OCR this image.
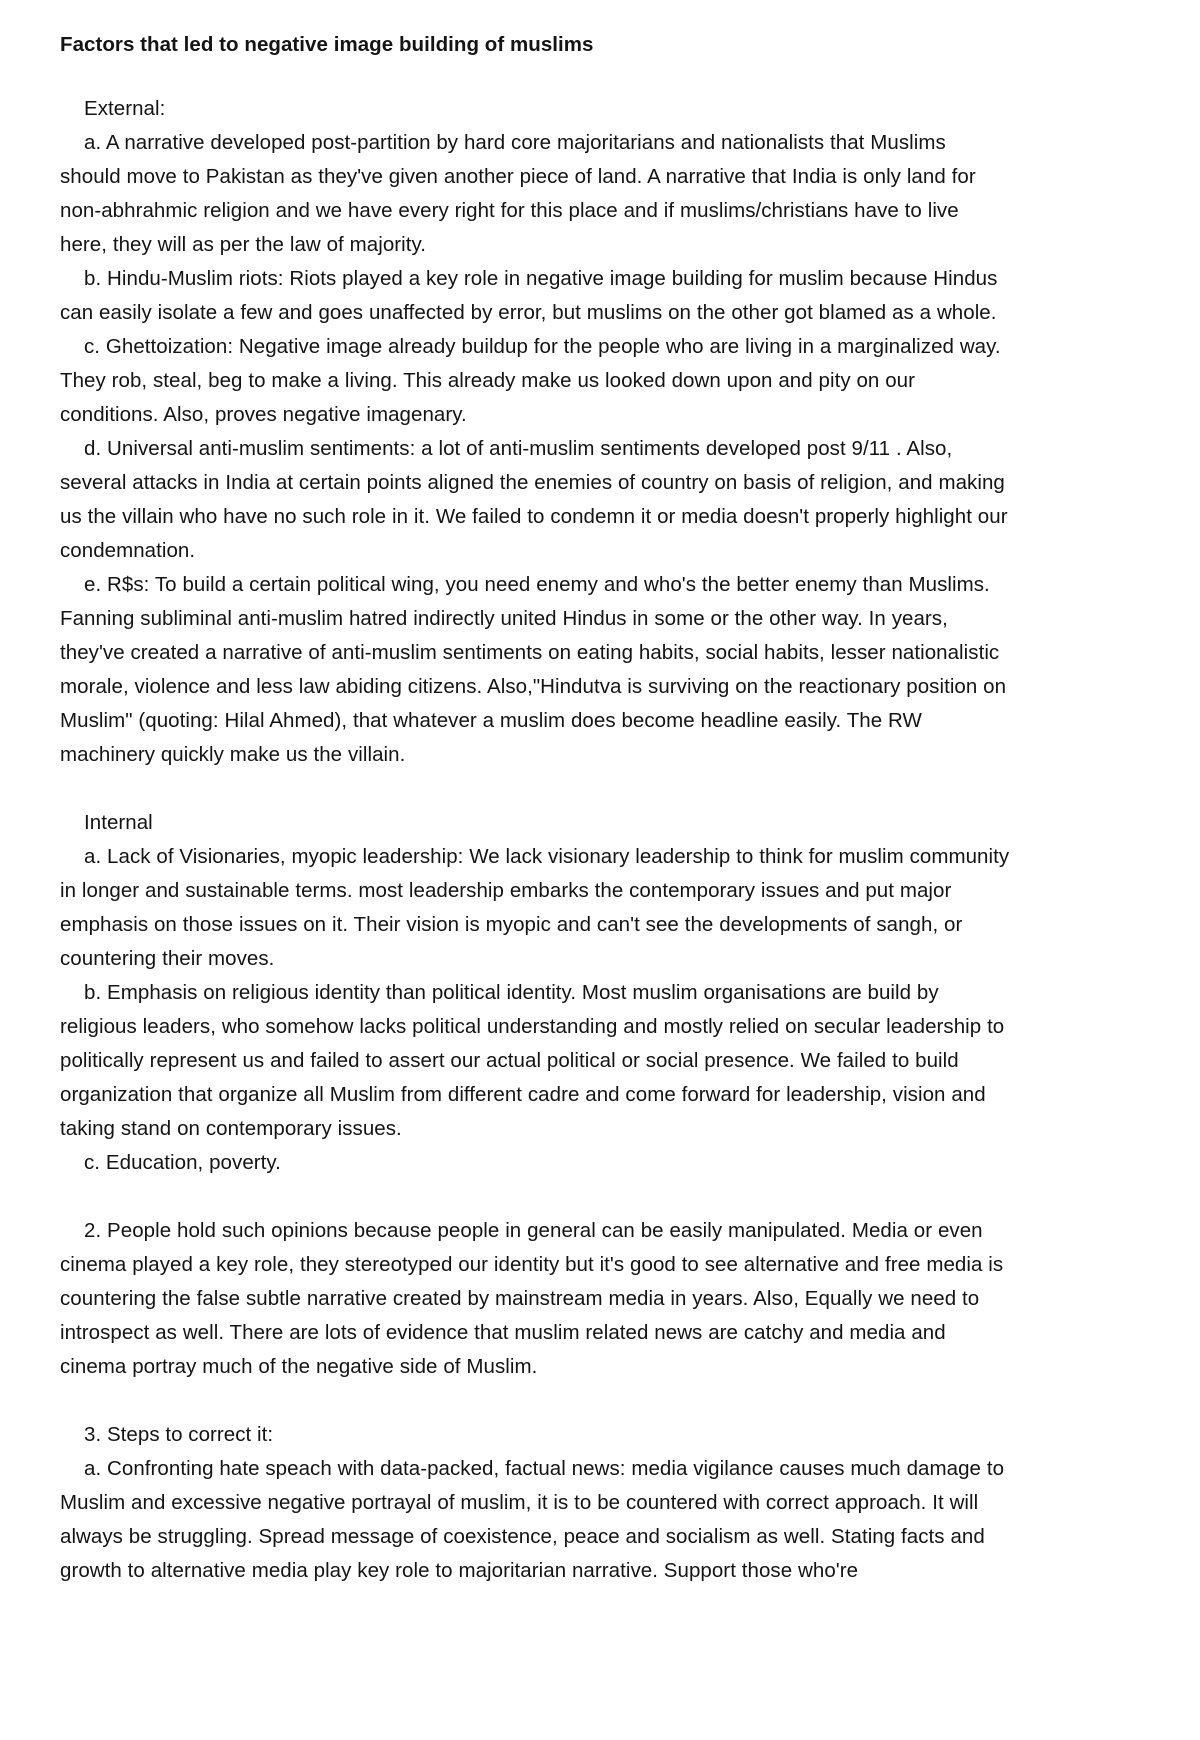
Factors that led to negative image building of muslims

External:

a. A narrative developed post-partition by hard core majoritarians and nationalists that Muslims should move to Pakistan as they've given another piece of land. A narrative that India is only land for non-abhrahmic religion and we have every right for this place and if muslims/christians have to live here, they will as per the law of majority.

b. Hindu-Muslim riots: Riots played a key role in negative image building for muslim because Hindus can easily isolate a few and goes unaffected by error, but muslims on the other got blamed as a whole.

c. Ghettoization: Negative image already buildup for the people who are living in a marginalized way. They rob, steal, beg to make a living. This already make us looked down upon and pity on our conditions. Also, proves negative imagenary.

d. Universal anti-muslim sentiments: a lot of anti-muslim sentiments developed post 9/11 . Also, several attacks in India at certain points aligned the enemies of country on basis of religion, and making us the villain who have no such role in it. We failed to condemn it or media doesn't properly highlight our condemnation.

e. R$s: To build a certain political wing, you need enemy and who's the better enemy than Muslims. Fanning subliminal anti-muslim hatred indirectly united Hindus in some or the other way. In years, they've created a narrative of anti-muslim sentiments on eating habits, social habits, lesser nationalistic morale, violence and less law abiding citizens. Also,"Hindutva is surviving on the reactionary position on Muslim" (quoting: Hilal Ahmed), that whatever a muslim does become headline easily. The RW machinery quickly make us the villain.

Internal

a. Lack of Visionaries, myopic leadership: We lack visionary leadership to think for muslim community in longer and sustainable terms. most leadership embarks the contemporary issues and put major emphasis on those issues on it. Their vision is myopic and can't see the developments of sangh, or countering their moves.

b. Emphasis on religious identity than political identity. Most muslim organisations are build by religious leaders, who somehow lacks political understanding and mostly relied on secular leadership to politically represent us and failed to assert our actual political or social presence. We failed to build organization that organize all Muslim from different cadre and come forward for leadership, vision and taking stand on contemporary issues.

c. Education, poverty.

2. People hold such opinions because people in general can be easily manipulated. Media or even cinema played a key role, they stereotyped our identity but it's good to see alternative and free media is countering the false subtle narrative created by mainstream media in years. Also, Equally we need to introspect as well. There are lots of evidence that muslim related news are catchy and media and cinema portray much of the negative side of Muslim.

3. Steps to correct it:

a. Confronting hate speach with data-packed, factual news: media vigilance causes much damage to Muslim and excessive negative portrayal of muslim, it is to be countered with correct approach. It will always be struggling. Spread message of coexistence, peace and socialism as well. Stating facts and growth to alternative media play key role to majoritarian narrative. Support those who're
